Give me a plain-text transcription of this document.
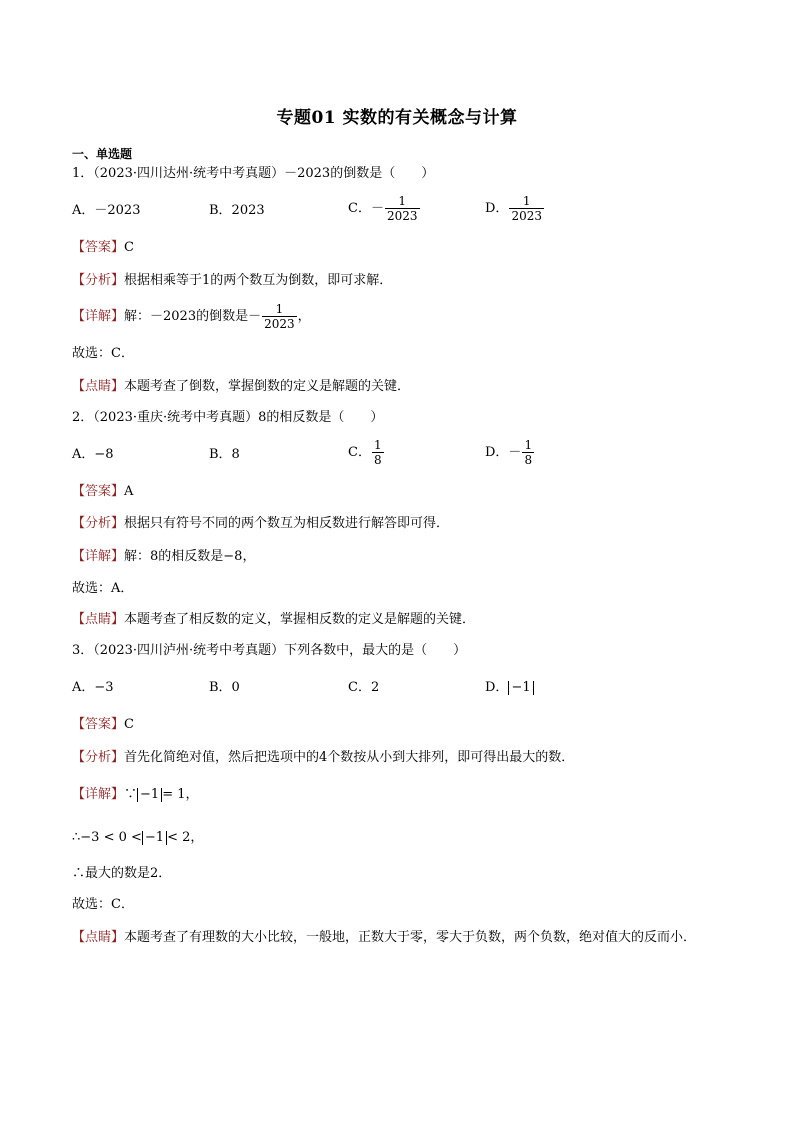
专题01 实数的有关概念与计算
一、单选题
1．（2023·四川达州·统考中考真题）－2023的倒数是（　　）
A．－2023	B．2023	C．－ $\frac{1}{2023}$	D． $\frac{1}{2023}$
【答案】C
【分析】根据相乘等于1的两个数互为倒数，即可求解．
【详解】解：－2023的倒数是－ $\frac{1}{2023}$ ，
故选：C．
【点睛】本题考查了倒数，掌握倒数的定义是解题的关键．
2．（2023·重庆·统考中考真题）8的相反数是（　　）
A．−8	B．8	C． $\frac{1}{8}$	D．－ $\frac{1}{8}$
【答案】A
【分析】根据只有符号不同的两个数互为相反数进行解答即可得．
【详解】解：8的相反数是−8，
故选：A．
【点睛】本题考查了相反数的定义，掌握相反数的定义是解题的关键．
3．（2023·四川泸州·统考中考真题）下列各数中，最大的是（　　）
A．−3	B．0	C．2	D． −1
【答案】C
【分析】首先化简绝对值，然后把选项中的4个数按从小到大排列，即可得出最大的数．
【详解】∵ −1 = 1，
∴−3 < 0 < −1 < 2，
∴最大的数是2．
故选：C．
【点睛】本题考查了有理数的大小比较，一般地，正数大于零，零大于负数，两个负数，绝对值大的反而小．
